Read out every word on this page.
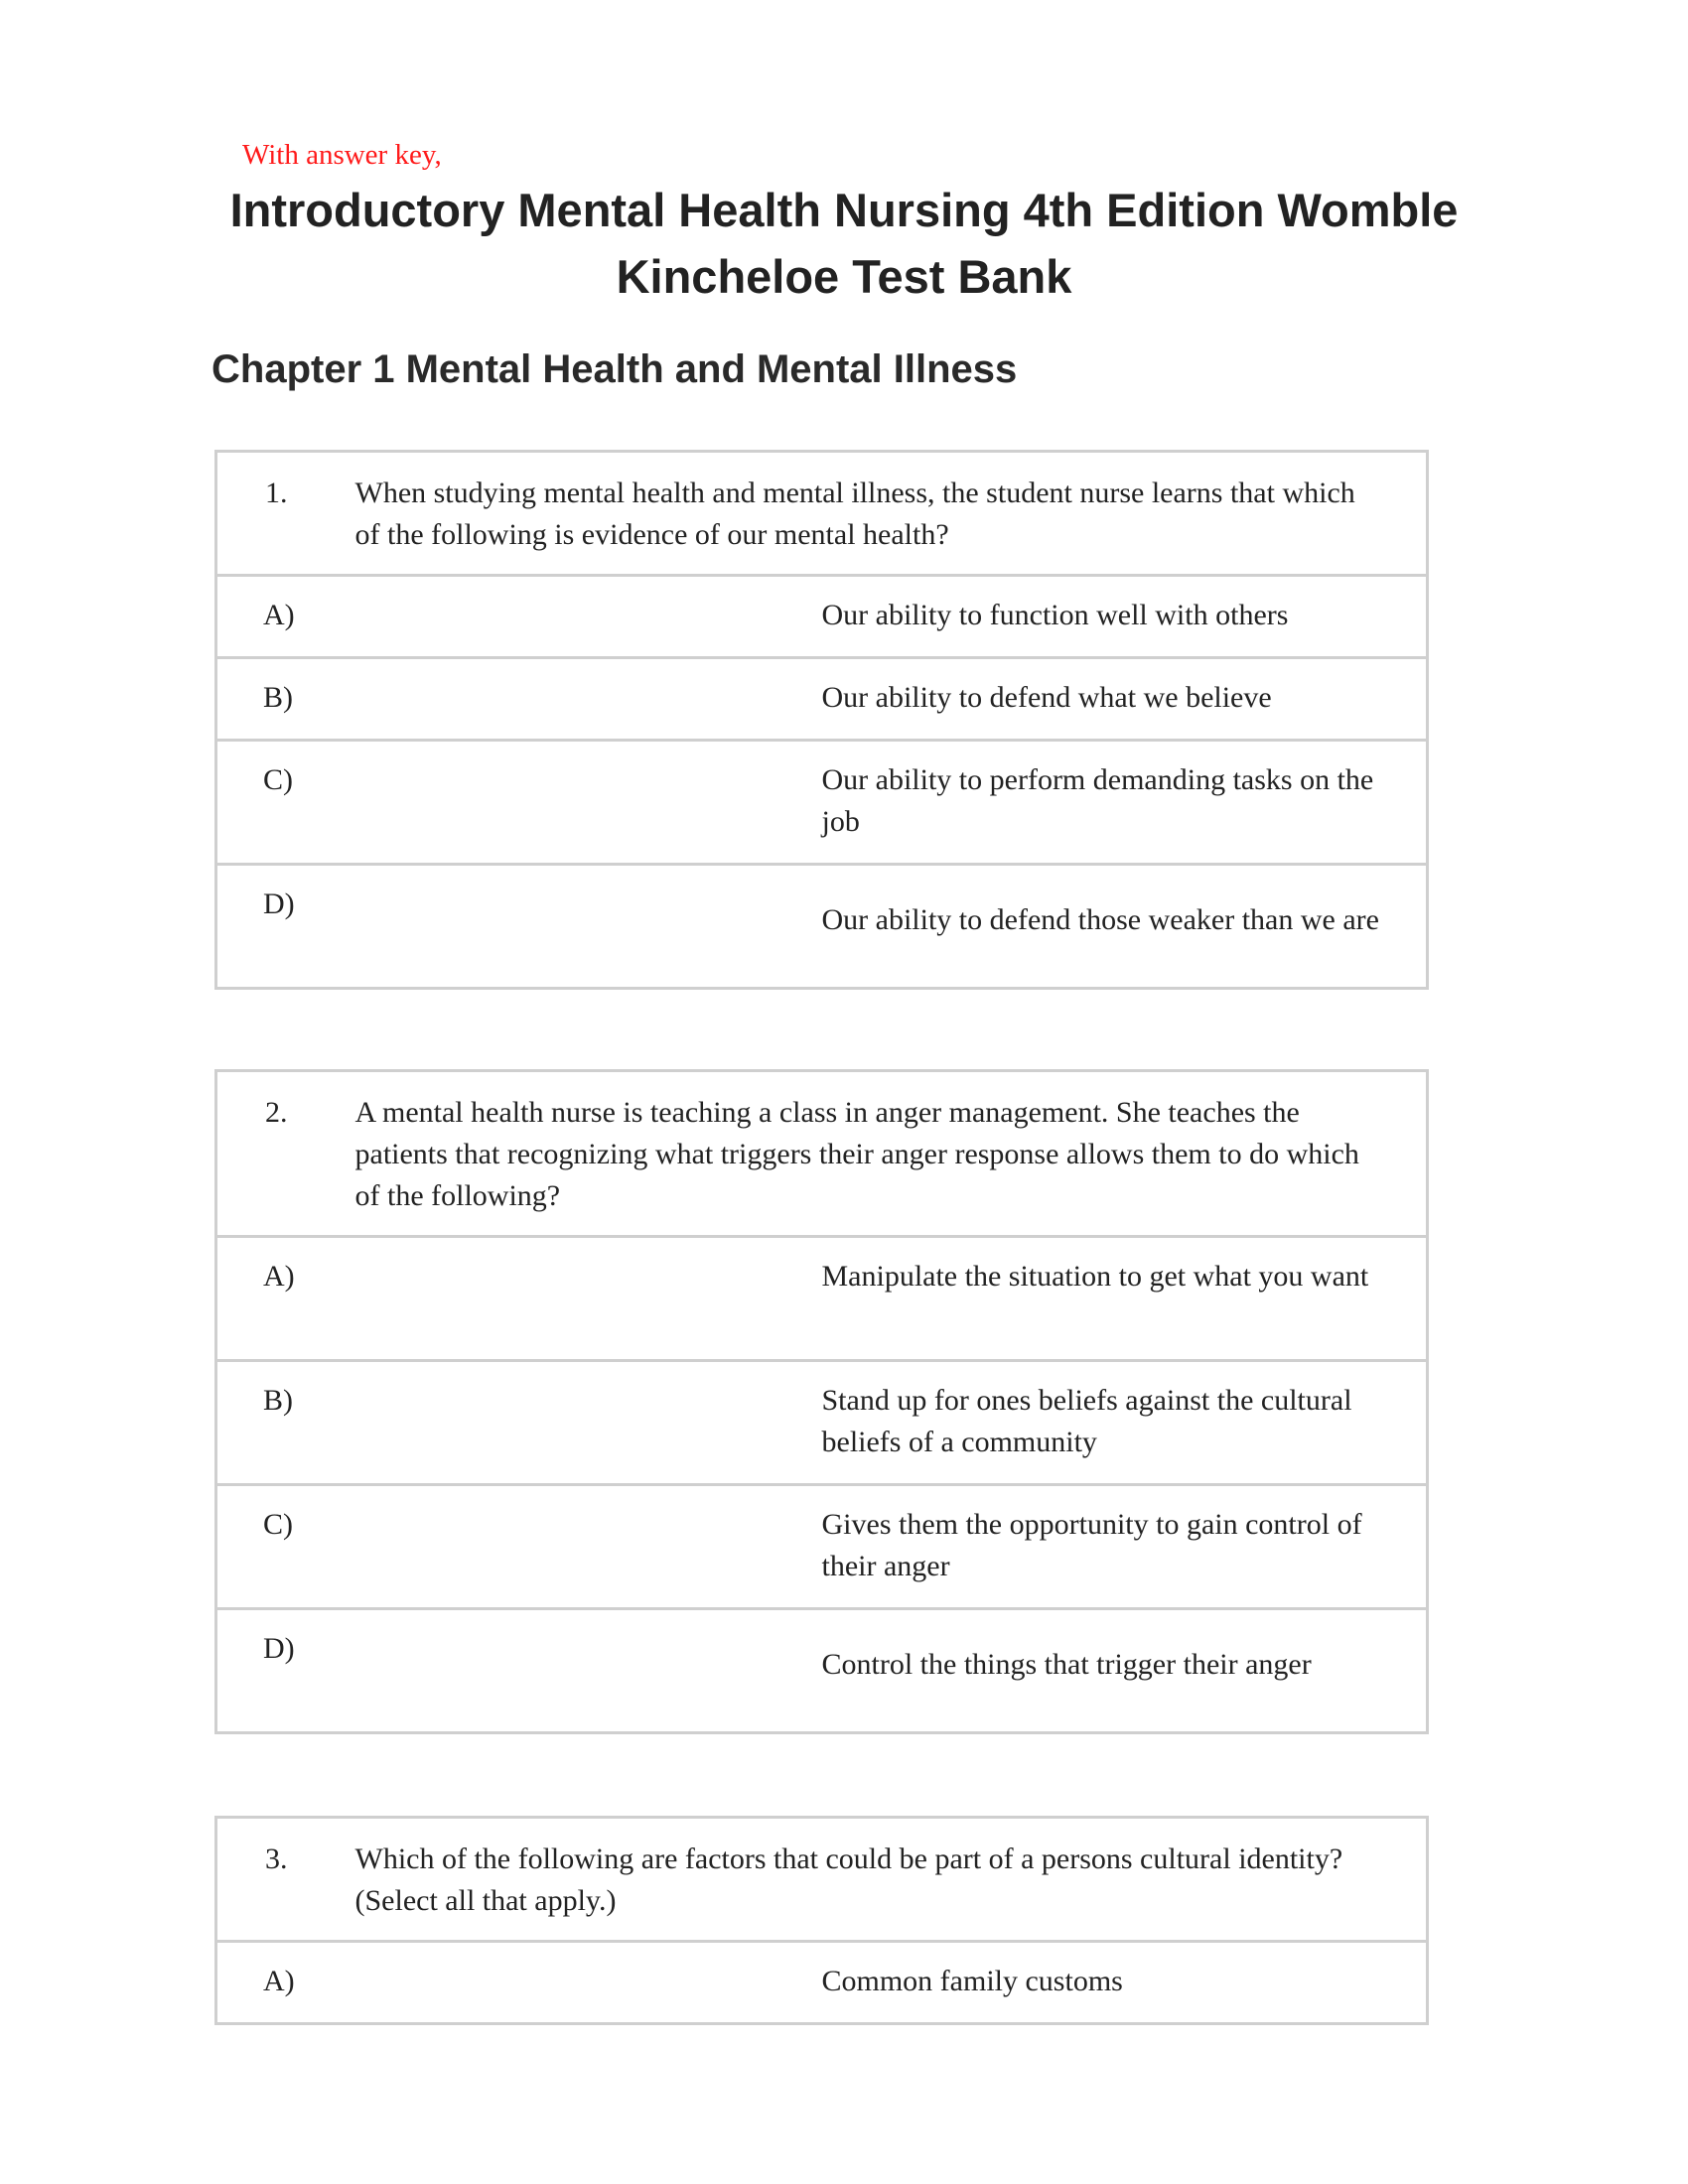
With answer key,
Introductory Mental Health Nursing 4th Edition Womble
Kincheloe Test Bank
Chapter 1 Mental Health and Mental Illness
1.	When studying mental health and mental illness, the student nurse learns that which of the following is evidence of our mental health?	
A)		Our ability to function well with others
B)		Our ability to defend what we believe
C)		Our ability to perform demanding tasks on the job
D)		Our ability to defend those weaker than we are
2.	A mental health nurse is teaching a class in anger management. She teaches the patients that recognizing what triggers their anger response allows them to do which of the following?	
A)		Manipulate the situation to get what you want
B)		Stand up for ones beliefs against the cultural beliefs of a community
C)		Gives them the opportunity to gain control of their anger
D)		Control the things that trigger their anger
3.	Which of the following are factors that could be part of a persons cultural identity? (Select all that apply.)	
A)		Common family customs
